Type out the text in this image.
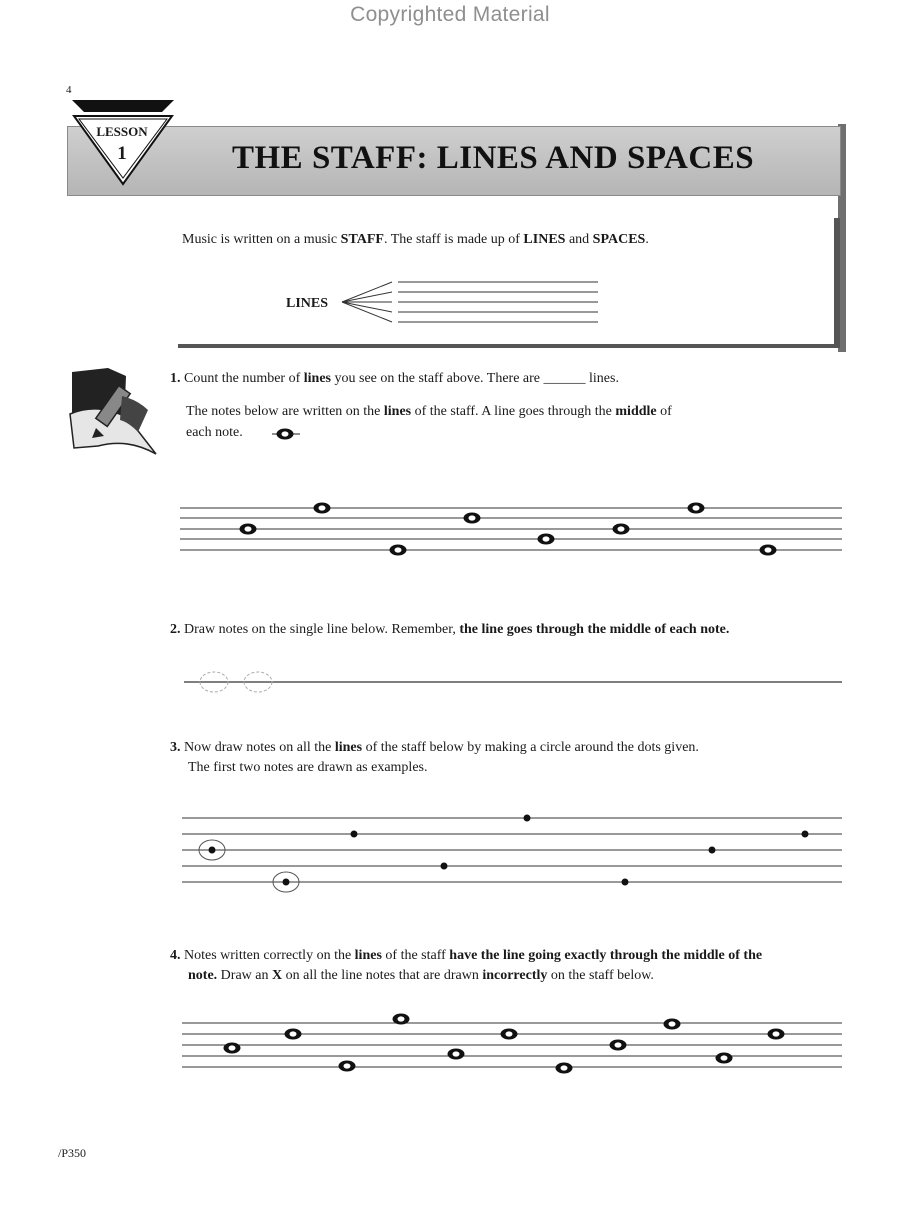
Copyrighted Material
4
LESSON
1	THE STAFF: LINES AND SPACES
Music is written on a music STAFF. The staff is made up of LINES and SPACES.
LINES
1. Count the number of lines you see on the staff above. There are ______ lines.
The notes below are written on the lines of the staff. A line goes through the middle of
each note.
2. Draw notes on the single line below. Remember, the line goes through the middle of each note.
3. Now draw notes on all the lines of the staff below by making a circle around the dots given.
The first two notes are drawn as examples.
4. Notes written correctly on the lines of the staff have the line going exactly through the middle of the
note. Draw an X on all the line notes that are drawn incorrectly on the staff below.
/P350
